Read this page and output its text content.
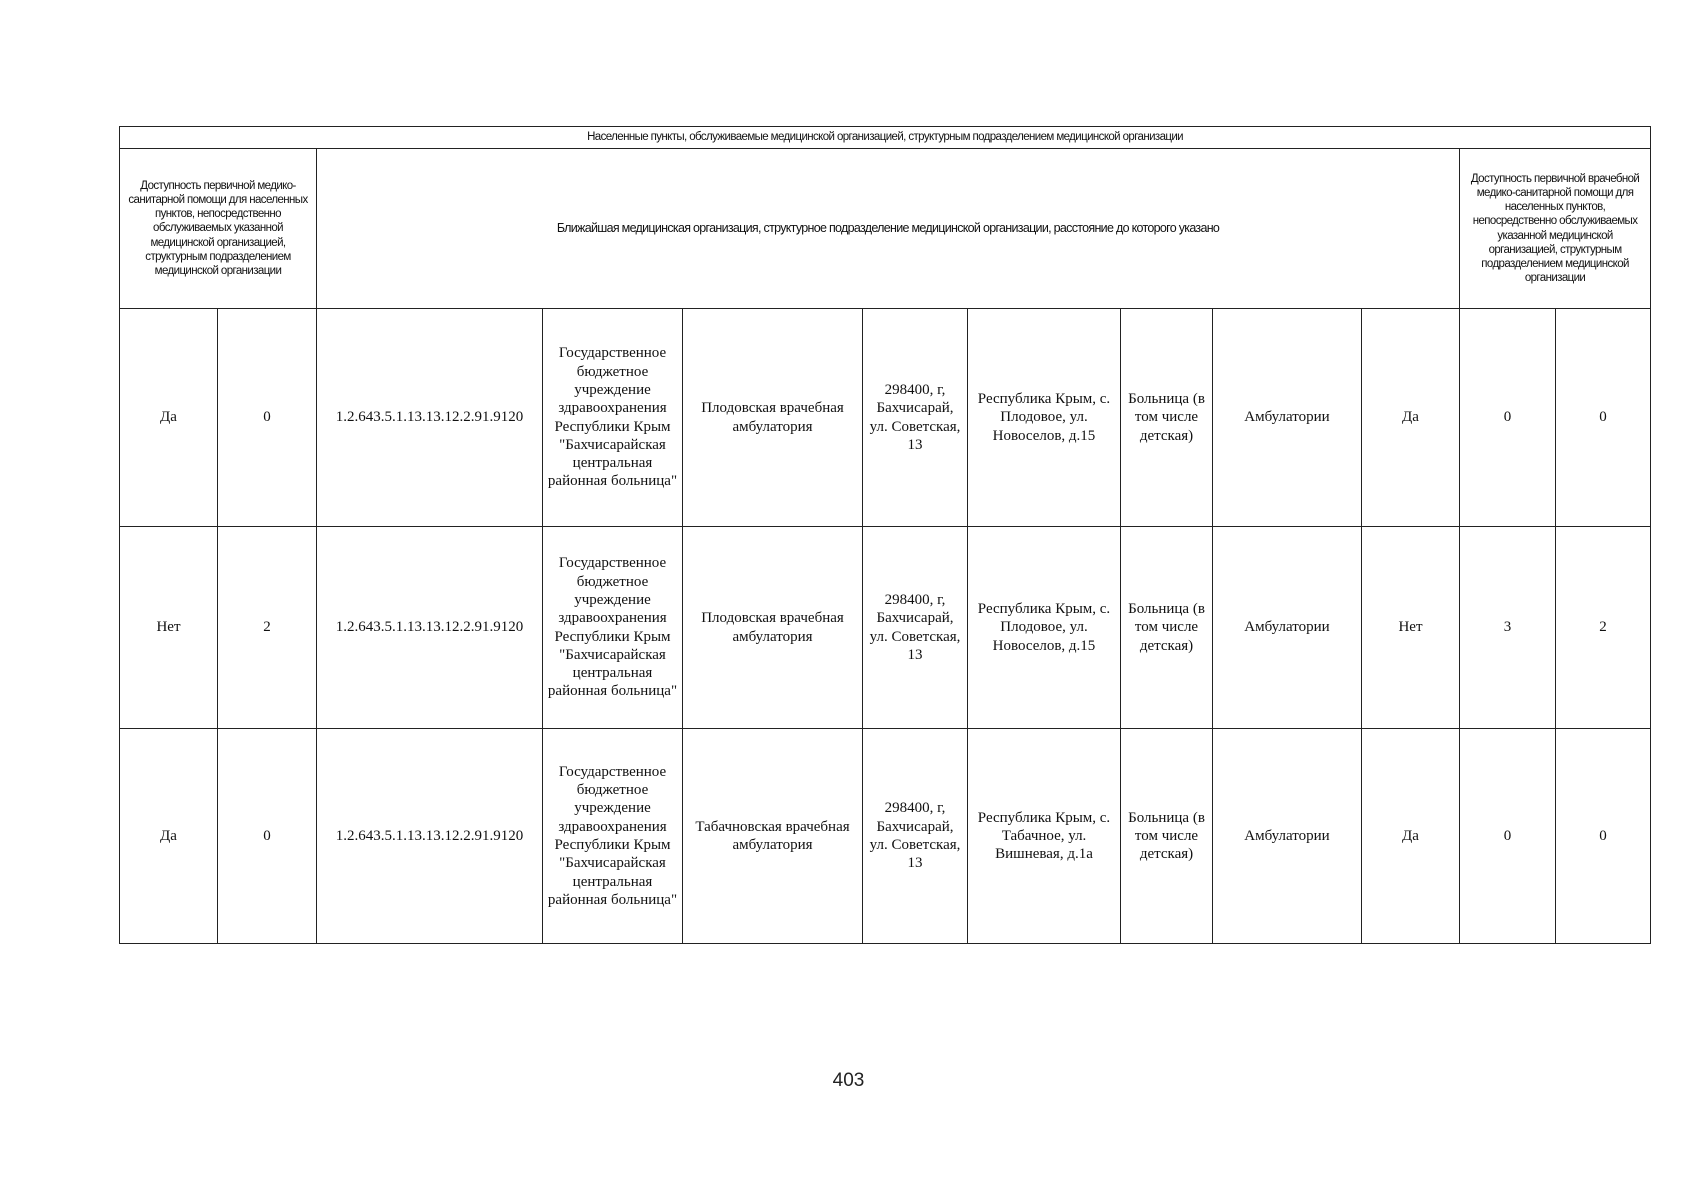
Населенные пункты, обслуживаемые медицинской организацией, структурным подразделением медицинской организации											
Доступность первичной медико-санитарной помощи для населенных пунктов, непосредственно обслуживаемых указанной медицинской организацией, структурным подразделением медицинской организации		Ближайшая медицинская организация, структурное подразделение медицинской организации, расстояние до которого указано								Доступность первичной врачебной медико-санитарной помощи для населенных пунктов, непосредственно обслуживаемых указанной медицинской организацией, структурным подразделением медицинской организации	
Да	0	1.2.643.5.1.13.13.12.2.91.9120	Государственное бюджетное учреждение здравоохранения Республики Крым "Бахчисарайская центральная районная больница"	Плодовская врачебная амбулатория	298400, г, Бахчисарай, ул. Советская, 13	Республика Крым, с. Плодовое, ул. Новоселов, д.15	Больница (в том числе детская)	Амбулатории	Да	0	0
Нет	2	1.2.643.5.1.13.13.12.2.91.9120	Государственное бюджетное учреждение здравоохранения Республики Крым "Бахчисарайская центральная районная больница"	Плодовская врачебная амбулатория	298400, г, Бахчисарай, ул. Советская, 13	Республика Крым, с. Плодовое, ул. Новоселов, д.15	Больница (в том числе детская)	Амбулатории	Нет	3	2
Да	0	1.2.643.5.1.13.13.12.2.91.9120	Государственное бюджетное учреждение здравоохранения Республики Крым "Бахчисарайская центральная районная больница"	Табачновская врачебная амбулатория	298400, г, Бахчисарай, ул. Советская, 13	Республика Крым, с. Табачное, ул. Вишневая, д.1а	Больница (в том числе детская)	Амбулатории	Да	0	0
403
